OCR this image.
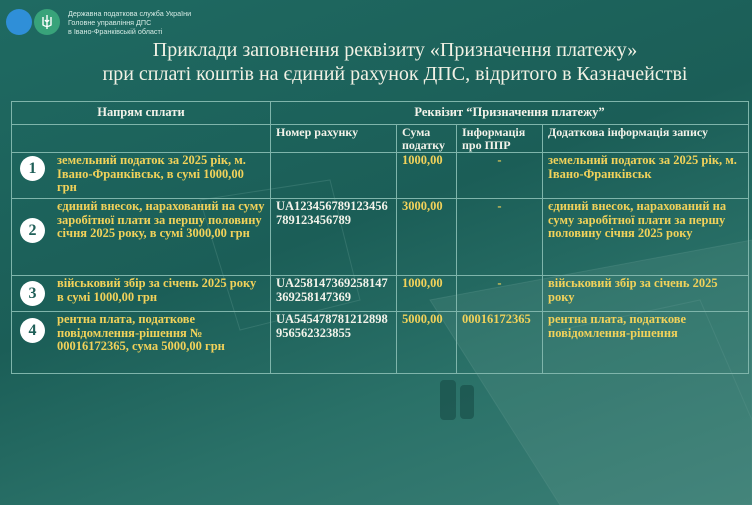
Державна податкова служба України
Головне управління ДПС
в Івано-Франківській області
Приклади заповнення реквізиту «Призначення платежу»
при сплаті коштів на єдиний рахунок ДПС, відритого в Казначействі
Напрям сплати	Реквізит “Призначення платежу”			
	Номер рахунку	Сума податку	Інформація про ППР	Додаткова інформація запису

1 земельний податок за 2025 рік, м. Івано-Франківськ, в сумі 1000,00 грн		1000,00	-	земельний податок за 2025 рік, м. Івано-Франківськ

2
єдиний внесок, нарахований на суму заробітної плати за першу половину січня 2025 року, в сумі 3000,00 грн	UA123456789123456789123456789	3000,00	-	єдиний внесок, нарахований на суму заробітної плати за першу половину січня 2025 року

3
військовий збір за січень 2025 року в сумі 1000,00 грн	UA258147369258147369258147369	1000,00	-	військовий збір за січень 2025 року

4
рентна плата, податкове повідомлення-рішення № 00016172365, сума 5000,00 грн	UA545478781212898956562323855	5000,00	00016172365	рентна плата, податкове повідомлення-рішення
